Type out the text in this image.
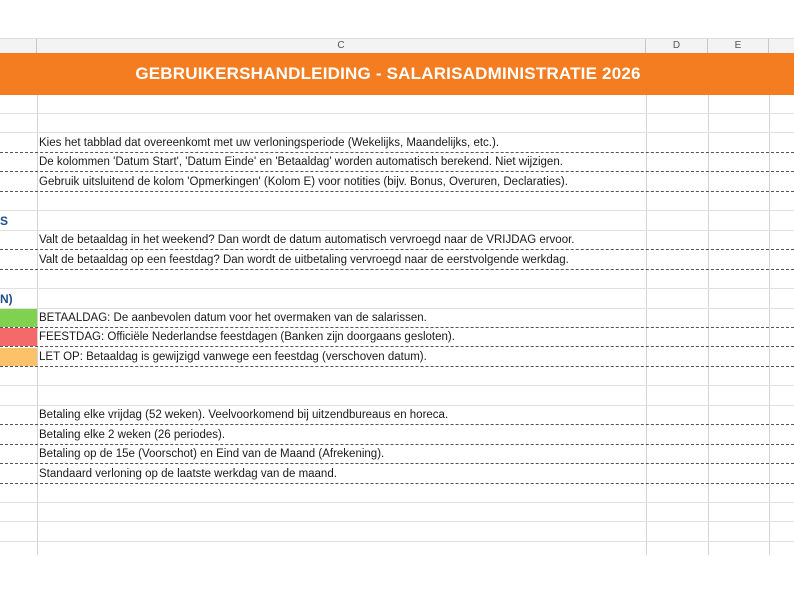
C	D	E
GEBRUIKERSHANDLEIDING - SALARISADMINISTRATIE 2026
Kies het tabblad dat overeenkomt met uw verloningsperiode (Wekelijks, Maandelijks, etc.).
De kolommen 'Datum Start', 'Datum Einde' en 'Betaaldag' worden automatisch berekend. Niet wijzigen.
Gebruik uitsluitend de kolom 'Opmerkingen' (Kolom E) voor notities (bijv. Bonus, Overuren, Declaraties).
S
Valt de betaaldag in het weekend? Dan wordt de datum automatisch vervroegd naar de VRIJDAG ervoor.
Valt de betaaldag op een feestdag? Dan wordt de uitbetaling vervroegd naar de eerstvolgende werkdag.
N)
BETAALDAG: De aanbevolen datum voor het overmaken van de salarissen.
FEESTDAG: Officiële Nederlandse feestdagen (Banken zijn doorgaans gesloten).
LET OP: Betaaldag is gewijzigd vanwege een feestdag (verschoven datum).
Betaling elke vrijdag (52 weken). Veelvoorkomend bij uitzendbureaus en horeca.
Betaling elke 2 weken (26 periodes).
Betaling op de 15e (Voorschot) en Eind van de Maand (Afrekening).
Standaard verloning op de laatste werkdag van de maand.
